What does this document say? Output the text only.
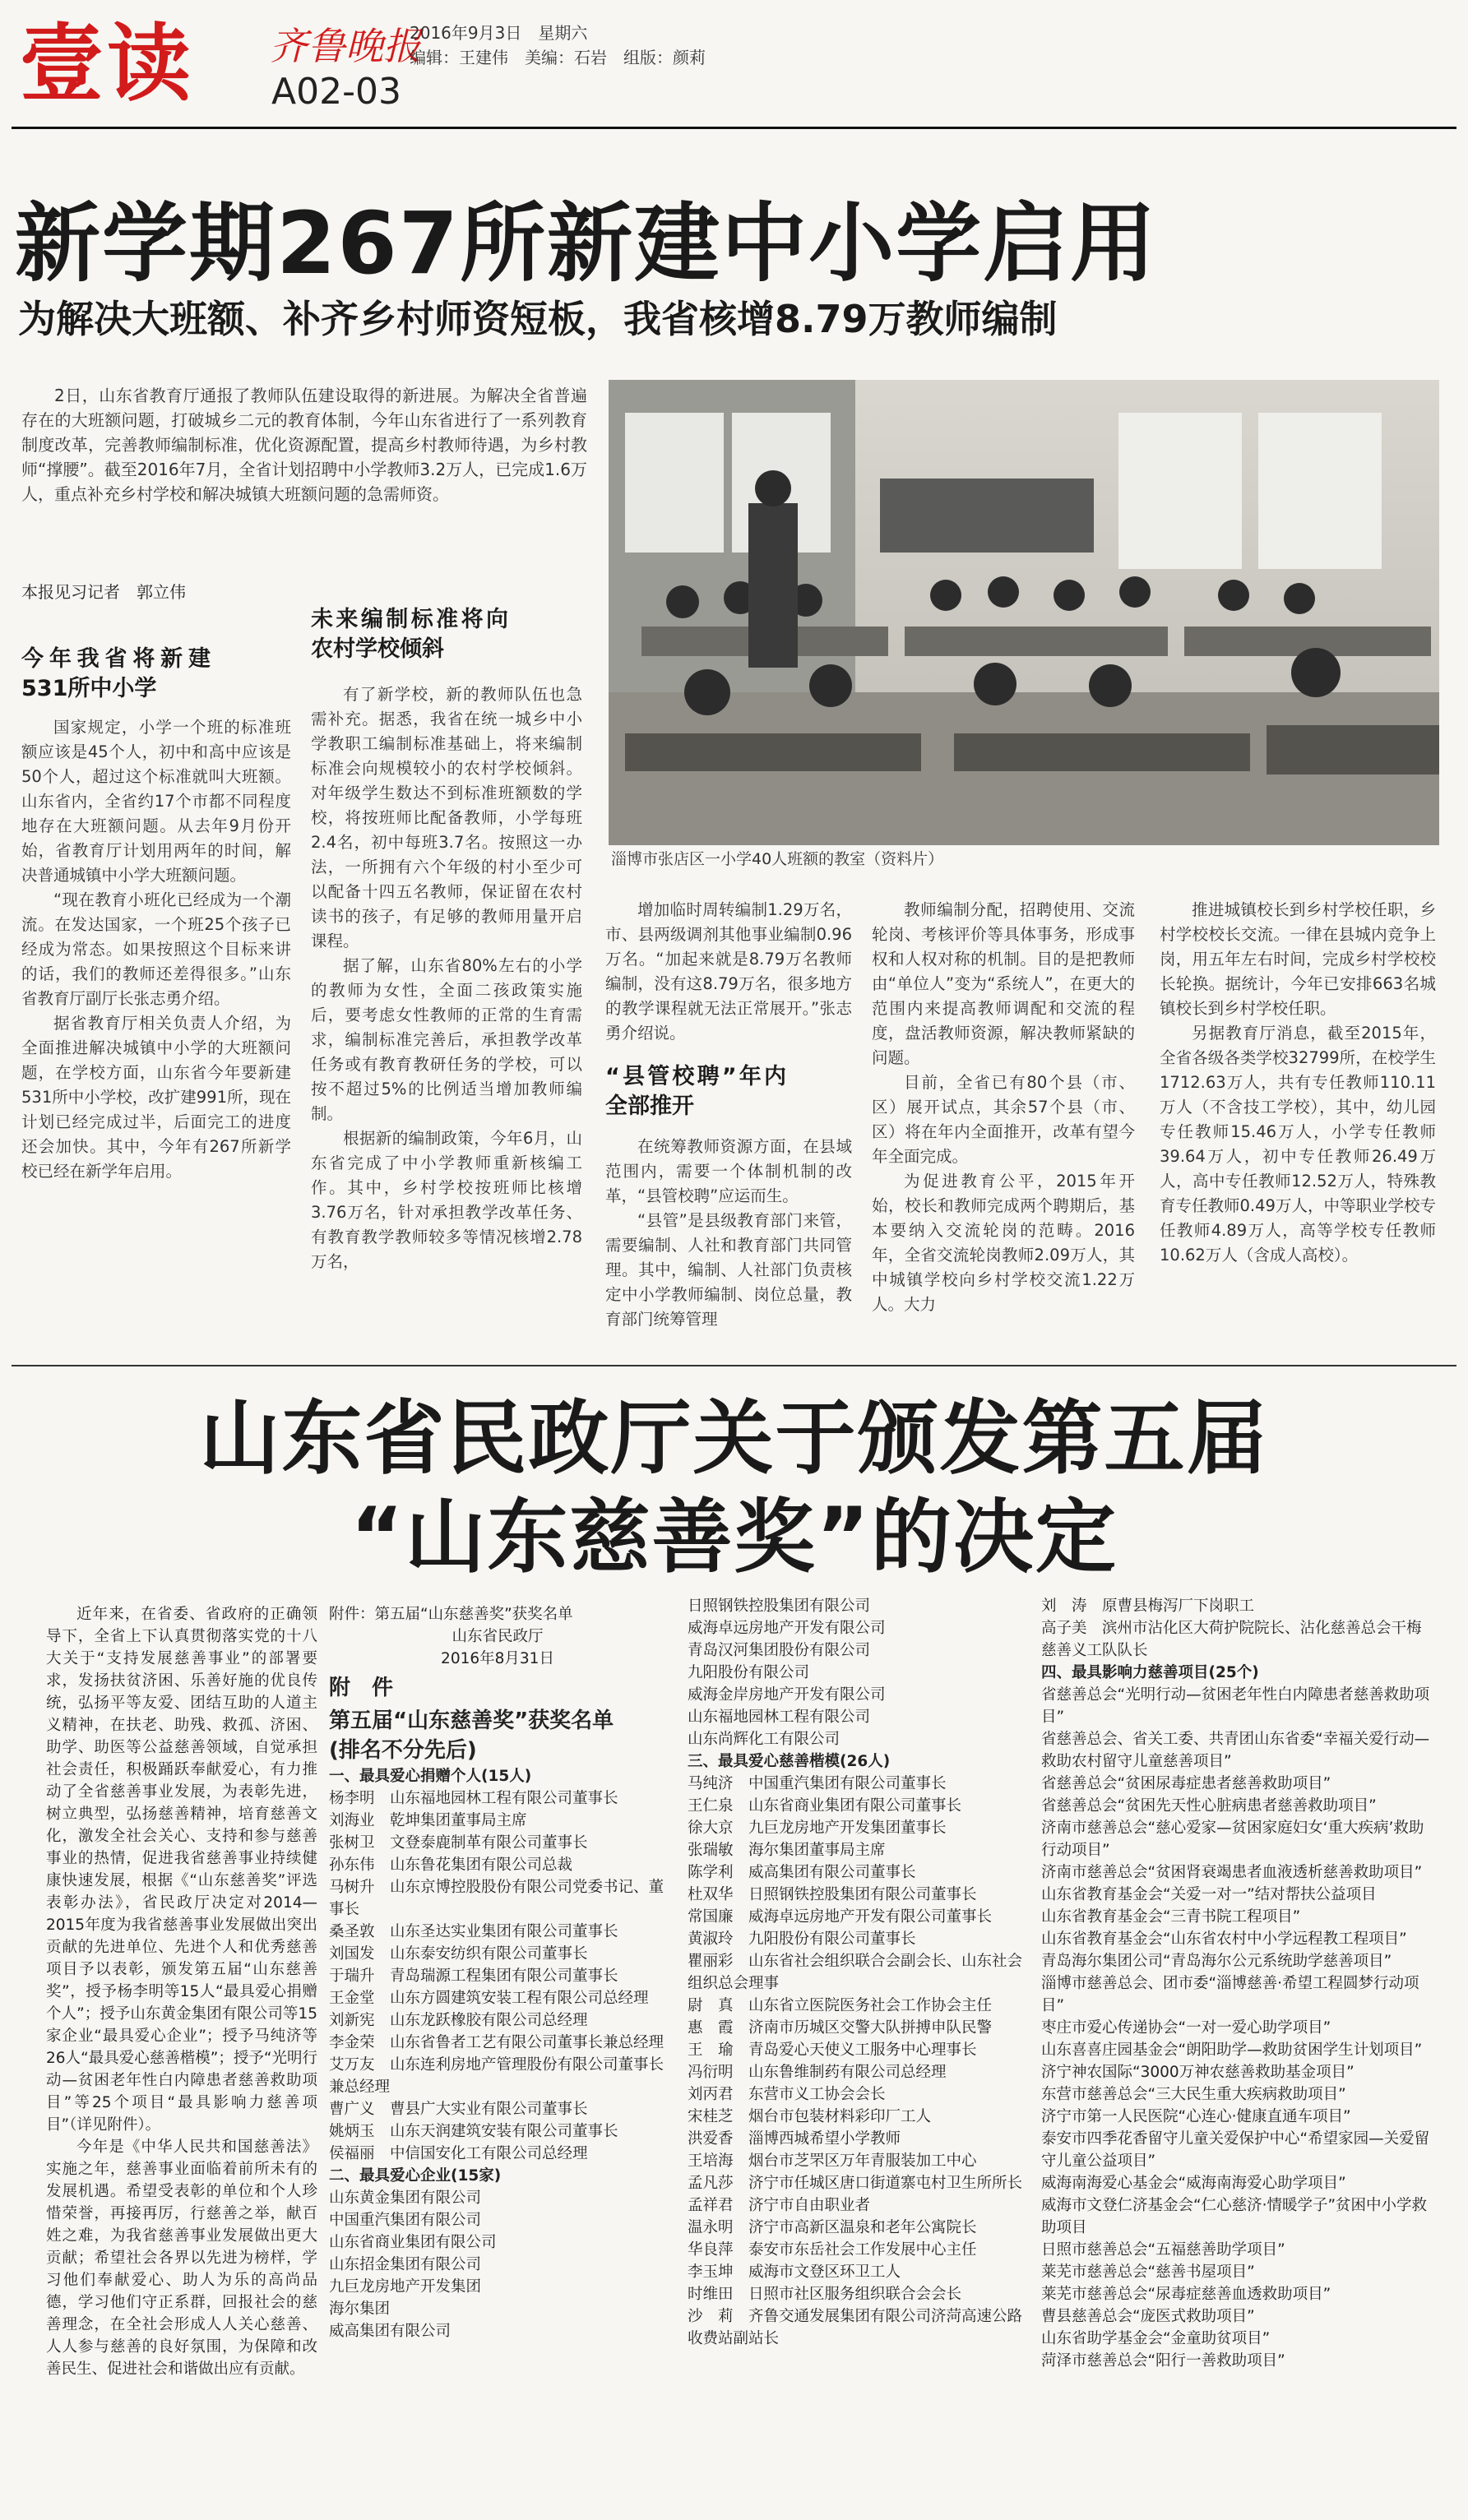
壹读	齐鲁晚报
A02-03
2016年9月3日　星期六
编辑：王建伟　美编：石岩　组版：颜莉
新学期267所新建中小学启用
为解决大班额、补齐乡村师资短板，我省核增8.79万教师编制

2日，山东省教育厅通报了教师队伍建设取得的新进展。为解决全省普遍存在的大班额问题，打破城乡二元的教育体制，今年山东省进行了一系列教育制度改革，完善教师编制标准，优化资源配置，提高乡村教师待遇，为乡村教师“撑腰”。截至2016年7月，全省计划招聘中小学教师3.2万人，已完成1.6万人，重点补充乡村学校和解决城镇大班额问题的急需师资。

本报见习记者　郭立伟
淄博市张店区一小学40人班额的教室（资料片）

今年我省将新建531所中小学

国家规定，小学一个班的标准班额应该是45个人，初中和高中应该是50个人，超过这个标准就叫大班额。山东省内，全省约17个市都不同程度地存在大班额问题。从去年9月份开始，省教育厅计划用两年的时间，解决普通城镇中小学大班额问题。

“现在教育小班化已经成为一个潮流。在发达国家，一个班25个孩子已经成为常态。如果按照这个目标来讲的话，我们的教师还差得很多。”山东省教育厅副厅长张志勇介绍。

据省教育厅相关负责人介绍，为全面推进解决城镇中小学的大班额问题，在学校方面，山东省今年要新建531所中小学校，改扩建991所，现在计划已经完成过半，后面完工的进度还会加快。其中，今年有267所新学校已经在新学年启用。

未来编制标准将向农村学校倾斜

有了新学校，新的教师队伍也急需补充。据悉，我省在统一城乡中小学教职工编制标准基础上，将来编制标准会向规模较小的农村学校倾斜。对年级学生数达不到标准班额数的学校，将按班师比配备教师，小学每班2.4名，初中每班3.7名。按照这一办法，一所拥有六个年级的村小至少可以配备十四五名教师，保证留在农村读书的孩子，有足够的教师用量开启课程。

据了解，山东省80%左右的小学的教师为女性，全面二孩政策实施后，要考虑女性教师的正常的生育需求，编制标准完善后，承担教学改革任务或有教育教研任务的学校，可以按不超过5%的比例适当增加教师编制。

根据新的编制政策，今年6月，山东省完成了中小学教师重新核编工作。其中，乡村学校按班师比核增3.76万名，针对承担教学改革任务、有教育教学教师较多等情况核增2.78万名，

增加临时周转编制1.29万名，市、县两级调剂其他事业编制0.96万名。“加起来就是8.79万名教师编制，没有这8.79万名，很多地方的教学课程就无法正常展开。”张志勇介绍说。

“县管校聘”年内全部推开

在统筹教师资源方面，在县域范围内，需要一个体制机制的改革，“县管校聘”应运而生。

“县管”是县级教育部门来管，需要编制、人社和教育部门共同管理。其中，编制、人社部门负责核定中小学教师编制、岗位总量，教育部门统筹管理

教师编制分配，招聘使用、交流轮岗、考核评价等具体事务，形成事权和人权对称的机制。目的是把教师由“单位人”变为“系统人”，在更大的范围内来提高教师调配和交流的程度，盘活教师资源，解决教师紧缺的问题。

目前，全省已有80个县（市、区）展开试点，其余57个县（市、区）将在年内全面推开，改革有望今年全面完成。

为促进教育公平，2015年开始，校长和教师完成两个聘期后，基本要纳入交流轮岗的范畴。2016年，全省交流轮岗教师2.09万人，其中城镇学校向乡村学校交流1.22万人。大力

推进城镇校长到乡村学校任职，乡村学校校长交流。一律在县城内竞争上岗，用五年左右时间，完成乡村学校校长轮换。据统计，今年已安排663名城镇校长到乡村学校任职。

另据教育厅消息，截至2015年，全省各级各类学校32799所，在校学生1712.63万人，共有专任教师110.11万人（不含技工学校），其中，幼儿园专任教师15.46万人，小学专任教师39.64万人，初中专任教师26.49万人，高中专任教师12.52万人，特殊教育专任教师0.49万人，中等职业学校专任教师4.89万人，高等学校专任教师10.62万人（含成人高校）。

山东省民政厅关于颁发第五届
“山东慈善奖”的决定

近年来，在省委、省政府的正确领导下，全省上下认真贯彻落实党的十八大关于“支持发展慈善事业”的部署要求，发扬扶贫济困、乐善好施的优良传统，弘扬平等友爱、团结互助的人道主义精神，在扶老、助残、救孤、济困、助学、助医等公益慈善领域，自觉承担社会责任，积极踊跃奉献爱心，有力推动了全省慈善事业发展，为表彰先进，树立典型，弘扬慈善精神，培育慈善文化，激发全社会关心、支持和参与慈善事业的热情，促进我省慈善事业持续健康快速发展，根据《“山东慈善奖”评选表彰办法》，省民政厅决定对2014—2015年度为我省慈善事业发展做出突出贡献的先进单位、先进个人和优秀慈善项目予以表彰，颁发第五届“山东慈善奖”，授予杨李明等15人“最具爱心捐赠个人”；授予山东黄金集团有限公司等15家企业“最具爱心企业”；授予马纯济等26人“最具爱心慈善楷模”；授予“光明行动—贫困老年性白内障患者慈善救助项目”等25个项目“最具影响力慈善项目”（详见附件）。

今年是《中华人民共和国慈善法》实施之年，慈善事业面临着前所未有的发展机遇。希望受表彰的单位和个人珍惜荣誉，再接再厉，行慈善之举，献百姓之难，为我省慈善事业发展做出更大贡献；希望社会各界以先进为榜样，学习他们奉献爱心、助人为乐的高尚品德，学习他们守正系群，回报社会的慈善理念，在全社会形成人人关心慈善、人人参与慈善的良好氛围，为保障和改善民生、促进社会和谐做出应有贡献。

附件：第五届“山东慈善奖”获奖名单

山东省民政厅

2016年8月31日

附　件

第五届“山东慈善奖”获奖名单

(排名不分先后)

一、最具爱心捐赠个人(15人)

杨李明　山东福地园林工程有限公司董事长

刘海业　乾坤集团董事局主席

张树卫　文登泰鹿制革有限公司董事长

孙东伟　山东鲁花集团有限公司总裁

马树升　山东京博控股股份有限公司党委书记、董事长

桑圣敦　山东圣达实业集团有限公司董事长

刘国发　山东泰安纺织有限公司董事长

于瑞升　青岛瑞源工程集团有限公司董事长

王金堂　山东方圆建筑安装工程有限公司总经理

刘新宪　山东龙跃橡胶有限公司总经理

李金荣　山东省鲁者工艺有限公司董事长兼总经理

艾万友　山东连利房地产管理股份有限公司董事长兼总经理

曹广义　曹县广大实业有限公司董事长

姚炳玉　山东天润建筑安装有限公司董事长

侯福丽　中信国安化工有限公司总经理

二、最具爱心企业(15家)

山东黄金集团有限公司

中国重汽集团有限公司

山东省商业集团有限公司

山东招金集团有限公司

九巨龙房地产开发集团

海尔集团

威高集团有限公司

日照钢铁控股集团有限公司

威海卓远房地产开发有限公司

青岛汉河集团股份有限公司

九阳股份有限公司

威海金岸房地产开发有限公司

山东福地园林工程有限公司

山东尚辉化工有限公司

三、最具爱心慈善楷模(26人)

马纯济　中国重汽集团有限公司董事长

王仁泉　山东省商业集团有限公司董事长

徐大京　九巨龙房地产开发集团董事长

张瑞敏　海尔集团董事局主席

陈学利　威高集团有限公司董事长

杜双华　日照钢铁控股集团有限公司董事长

常国廉　威海卓远房地产开发有限公司董事长

黄淑玲　九阳股份有限公司董事长

瞿丽彩　山东省社会组织联合会副会长、山东社会组织总会理事

尉　真　山东省立医院医务社会工作协会主任

惠　霞　济南市历城区交警大队拼搏申队民警

王　瑜　青岛爱心天使义工服务中心理事长

冯衍明　山东鲁维制药有限公司总经理

刘丙君　东营市义工协会会长

宋桂芝　烟台市包装材料彩印厂工人

洪爱香　淄博西城希望小学教师

王培海　烟台市芝罘区万年青服装加工中心

孟凡莎　济宁市任城区唐口街道寨屯村卫生所所长

孟祥君　济宁市自由职业者

温永明　济宁市高新区温泉和老年公寓院长

华良萍　泰安市东岳社会工作发展中心主任

李玉坤　威海市文登区环卫工人

时维田　日照市社区服务组织联合会会长

沙　莉　齐鲁交通发展集团有限公司济菏高速公路收费站副站长

刘　涛　原曹县梅泻厂下岗职工

高子美　滨州市沾化区大荷护院院长、沾化慈善总会干梅慈善义工队队长

四、最具影响力慈善项目(25个)

省慈善总会“光明行动—贫困老年性白内障患者慈善救助项目”

省慈善总会、省关工委、共青团山东省委“幸福关爱行动—救助农村留守儿童慈善项目”

省慈善总会“贫困尿毒症患者慈善救助项目”

省慈善总会“贫困先天性心脏病患者慈善救助项目”

济南市慈善总会“慈心爱家—贫困家庭妇女‘重大疾病’救助行动项目”

济南市慈善总会“贫困肾衰竭患者血液透析慈善救助项目”

山东省教育基金会“关爱一对一”结对帮扶公益项目

山东省教育基金会“三青书院工程项目”

山东省教育基金会“山东省农村中小学远程教工程项目”

青岛海尔集团公司“青岛海尔公元系统助学慈善项目”

淄博市慈善总会、团市委“淄博慈善·希望工程圆梦行动项目”

枣庄市爱心传递协会“一对一爱心助学项目”

山东喜喜庄园基金会“朗阳助学—救助贫困学生计划项目”

济宁神农国际“3000万神农慈善救助基金项目”

东营市慈善总会“三大民生重大疾病救助项目”

济宁市第一人民医院“心连心·健康直通车项目”

泰安市四季花香留守儿童关爱保护中心“希望家园—关爱留守儿童公益项目”

威海南海爱心基金会“威海南海爱心助学项目”

威海市文登仁济基金会“仁心慈济·情暖学子”贫困中小学救助项目

日照市慈善总会“五福慈善助学项目”

莱芜市慈善总会“慈善书屋项目”

莱芜市慈善总会“尿毒症慈善血透救助项目”

曹县慈善总会“庞医式救助项目”

山东省助学基金会“金童助贫项目”

菏泽市慈善总会“阳行一善救助项目”
